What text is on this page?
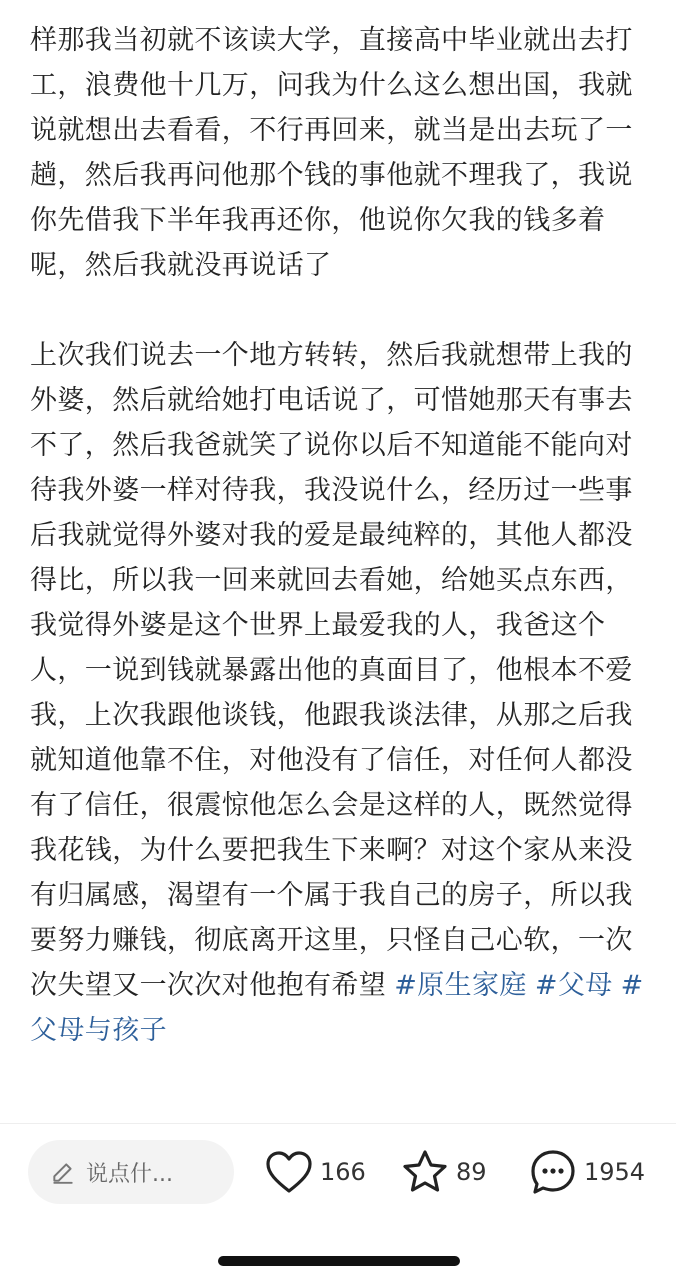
样那我当初就不该读大学，直接高中毕业就出去打工，浪费他十几万，问我为什么这么想出国，我就说就想出去看看，不行再回来，就当是出去玩了一趟，然后我再问他那个钱的事他就不理我了，我说你先借我下半年我再还你，他说你欠我的钱多着呢，然后我就没再说话了

上次我们说去一个地方转转，然后我就想带上我的外婆，然后就给她打电话说了，可惜她那天有事去不了，然后我爸就笑了说你以后不知道能不能向对待我外婆一样对待我，我没说什么，经历过一些事后我就觉得外婆对我的爱是最纯粹的，其他人都没得比，所以我一回来就回去看她，给她买点东西，我觉得外婆是这个世界上最爱我的人，我爸这个人，一说到钱就暴露出他的真面目了，他根本不爱我，上次我跟他谈钱，他跟我谈法律，从那之后我就知道他靠不住，对他没有了信任，对任何人都没有了信任，很震惊他怎么会是这样的人，既然觉得我花钱，为什么要把我生下来啊？对这个家从来没有归属感，渴望有一个属于我自己的房子，所以我要努力赚钱，彻底离开这里，只怪自己心软，一次次失望又一次次对他抱有希望 #原生家庭 #父母 #父母与孩子

说点什...	166	89	1954
